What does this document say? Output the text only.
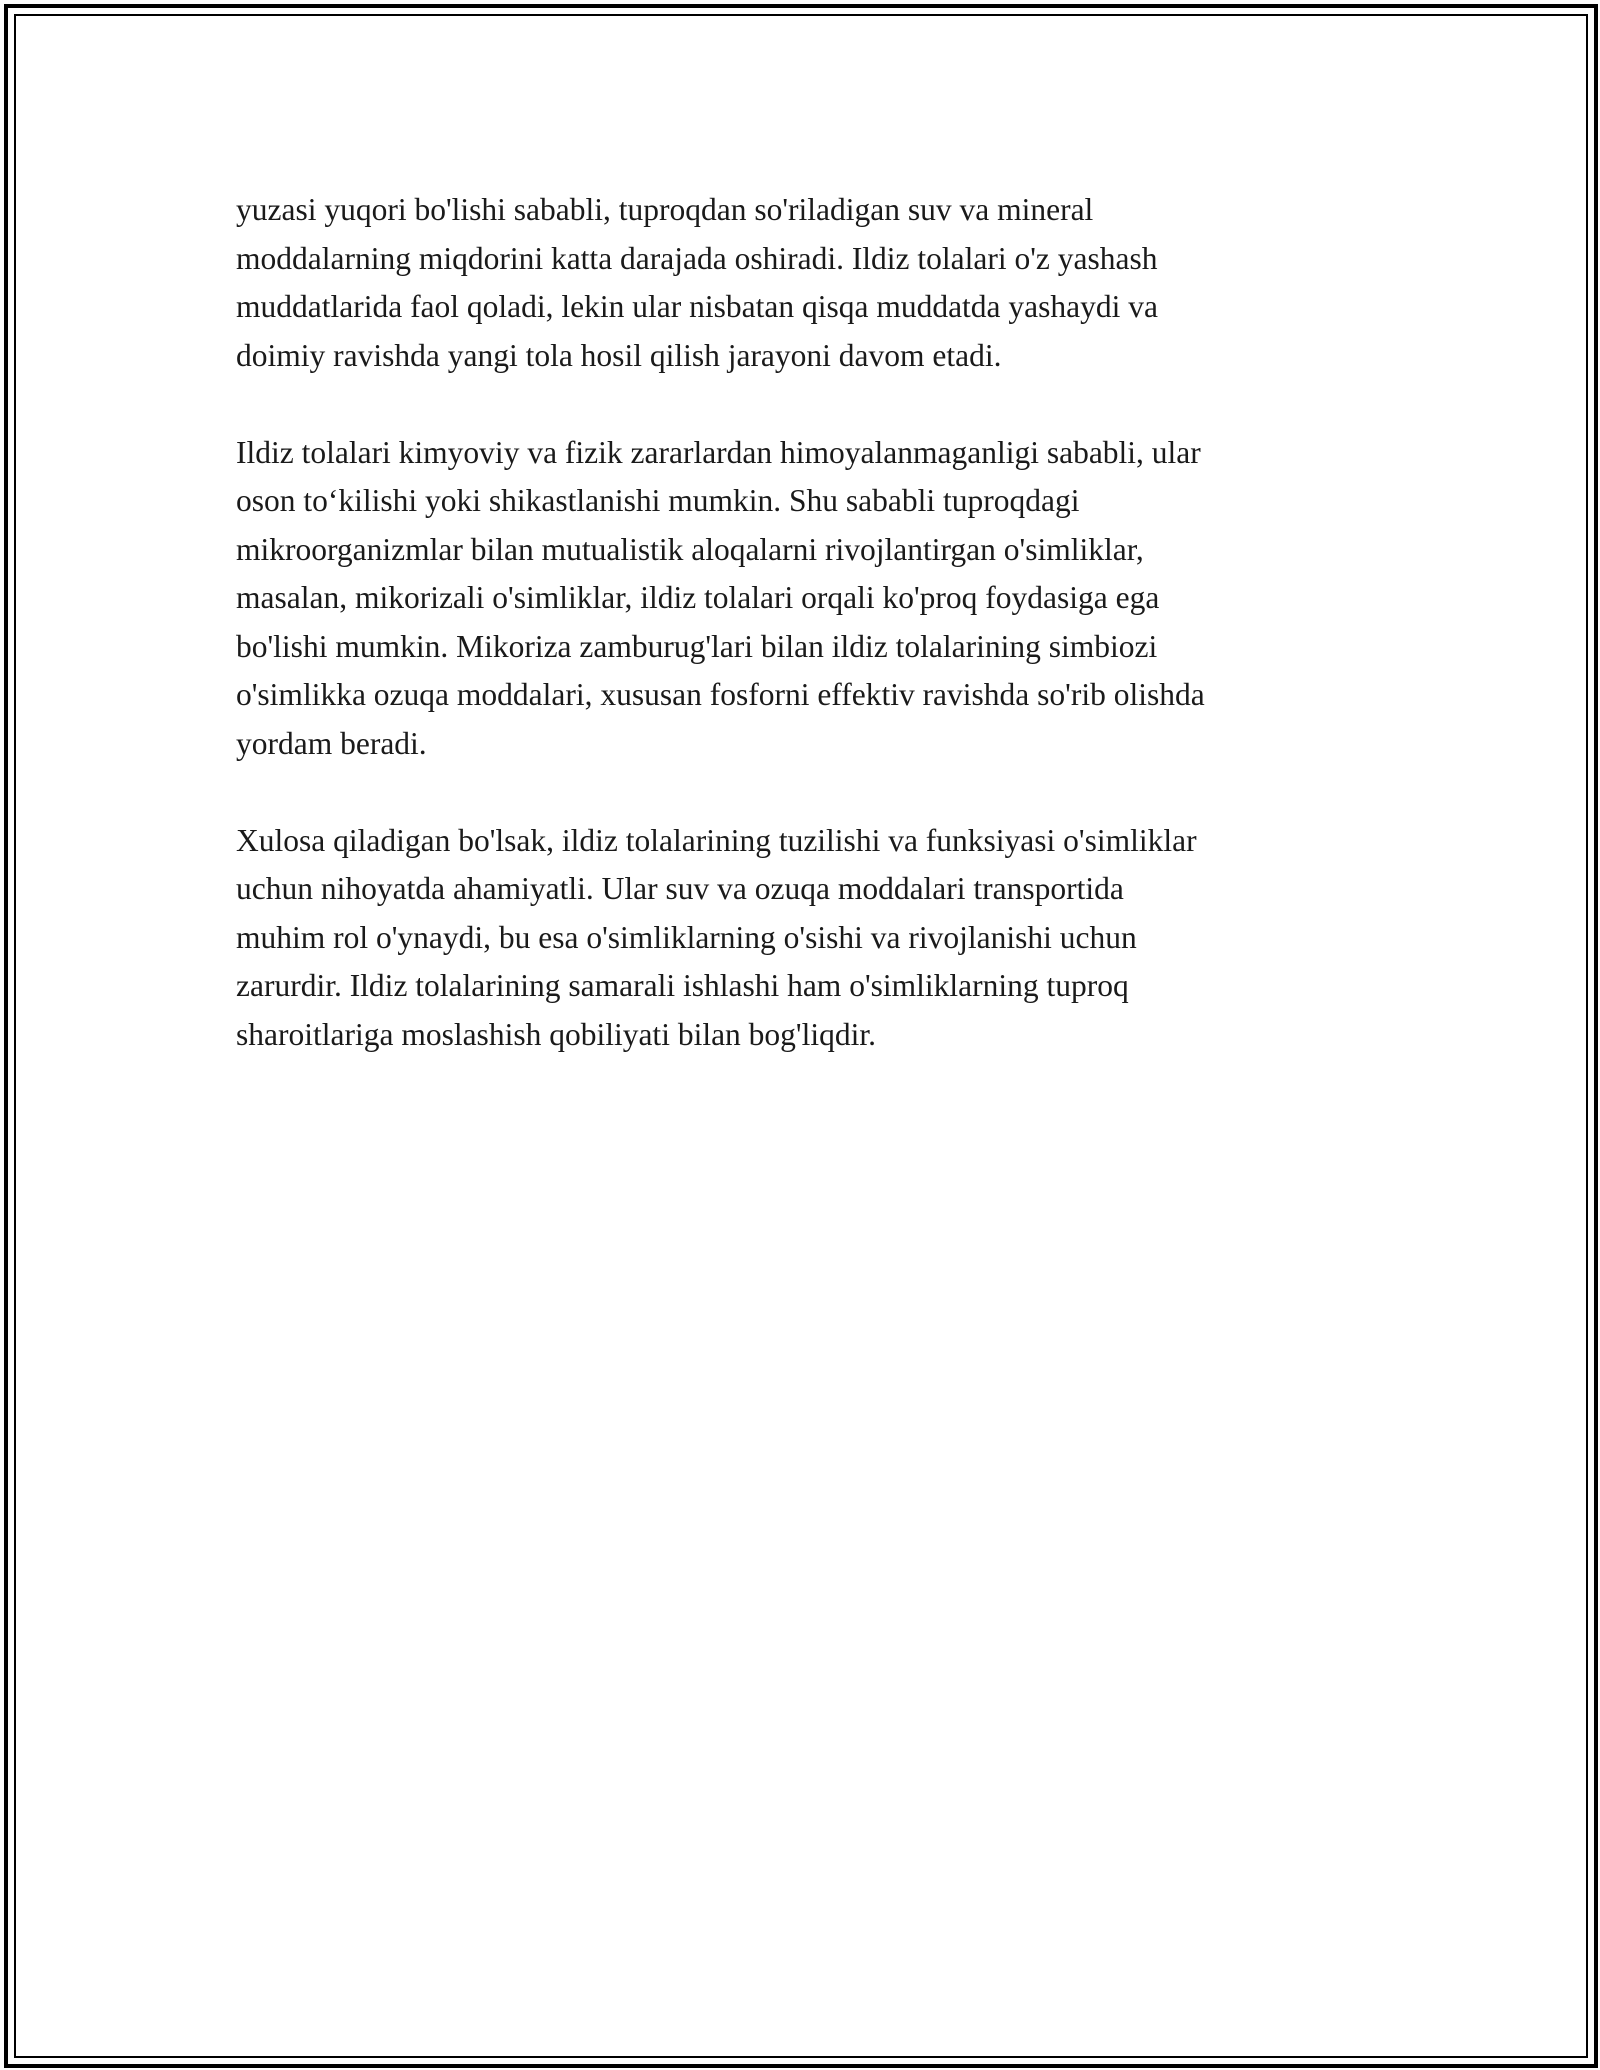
yuzasi yuqori bo'lishi sababli, tuproqdan so'riladigan suv va mineral
moddalarning miqdorini katta darajada oshiradi. Ildiz tolalari o'z yashash
muddatlarida faol qoladi, lekin ular nisbatan qisqa muddatda yashaydi va
doimiy ravishda yangi tola hosil qilish jarayoni davom etadi.

Ildiz tolalari kimyoviy va fizik zararlardan himoyalanmaganligi sababli, ular
oson to‘kilishi yoki shikastlanishi mumkin. Shu sababli tuproqdagi
mikroorganizmlar bilan mutualistik aloqalarni rivojlantirgan o'simliklar,
masalan, mikorizali o'simliklar, ildiz tolalari orqali ko'proq foydasiga ega
bo'lishi mumkin. Mikoriza zamburug'lari bilan ildiz tolalarining simbiozi
o'simlikka ozuqa moddalari, xususan fosforni effektiv ravishda so'rib olishda
yordam beradi.

Xulosa qiladigan bo'lsak, ildiz tolalarining tuzilishi va funksiyasi o'simliklar
uchun nihoyatda ahamiyatli. Ular suv va ozuqa moddalari transportida
muhim rol o'ynaydi, bu esa o'simliklarning o'sishi va rivojlanishi uchun
zarurdir. Ildiz tolalarining samarali ishlashi ham o'simliklarning tuproq
sharoitlariga moslashish qobiliyati bilan bog'liqdir.
